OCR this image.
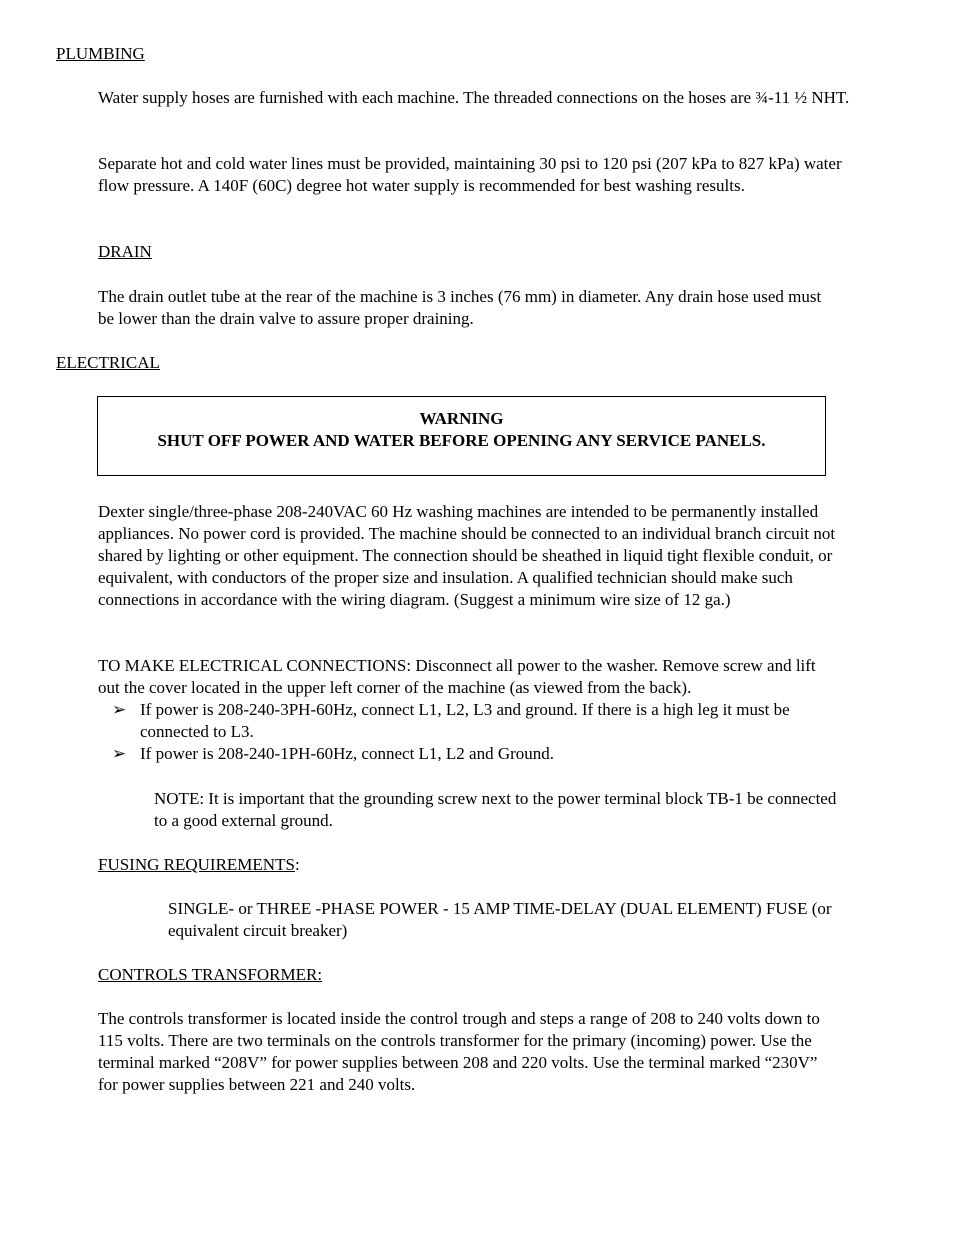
PLUMBING

Water supply hoses are furnished with each machine. The threaded connections on the hoses are ¾-11 ½ NHT.

Separate hot and cold water lines must be provided, maintaining 30 psi to 120 psi (207 kPa to 827 kPa) water flow pressure. A 140F (60C) degree hot water supply is recommended for best washing results.

DRAIN

The drain outlet tube at the rear of the machine is 3 inches (76 mm) in diameter. Any drain hose used must be lower than the drain valve to assure proper draining.

ELECTRICAL
WARNING
SHUT OFF POWER AND WATER BEFORE OPENING ANY SERVICE PANELS.

Dexter single/three-phase 208-240VAC 60 Hz washing machines are intended to be permanently installed appliances. No power cord is provided. The machine should be connected to an individual branch circuit not shared by lighting or other equipment. The connection should be sheathed in liquid tight flexible conduit, or equivalent, with conductors of the proper size and insulation. A qualified technician should make such connections in accordance with the wiring diagram. (Suggest a minimum wire size of 12 ga.)

TO MAKE ELECTRICAL CONNECTIONS: Disconnect all power to the washer. Remove screw and lift out the cover located in the upper left corner of the machine (as viewed from the back).

➢ If power is 208-240-3PH-60Hz, connect L1, L2, L3 and ground. If there is a high leg it must be connected to L3.
➢ If power is 208-240-1PH-60Hz, connect L1, L2 and Ground.

NOTE: It is important that the grounding screw next to the power terminal block TB-1 be connected to a good external ground.

FUSING REQUIREMENTS:

SINGLE- or THREE -PHASE POWER - 15 AMP TIME-DELAY (DUAL ELEMENT) FUSE (or equivalent circuit breaker)

CONTROLS TRANSFORMER:

The controls transformer is located inside the control trough and steps a range of 208 to 240 volts down to 115 volts. There are two terminals on the controls transformer for the primary (incoming) power. Use the terminal marked “208V” for power supplies between 208 and 220 volts. Use the terminal marked “230V” for power supplies between 221 and 240 volts.
